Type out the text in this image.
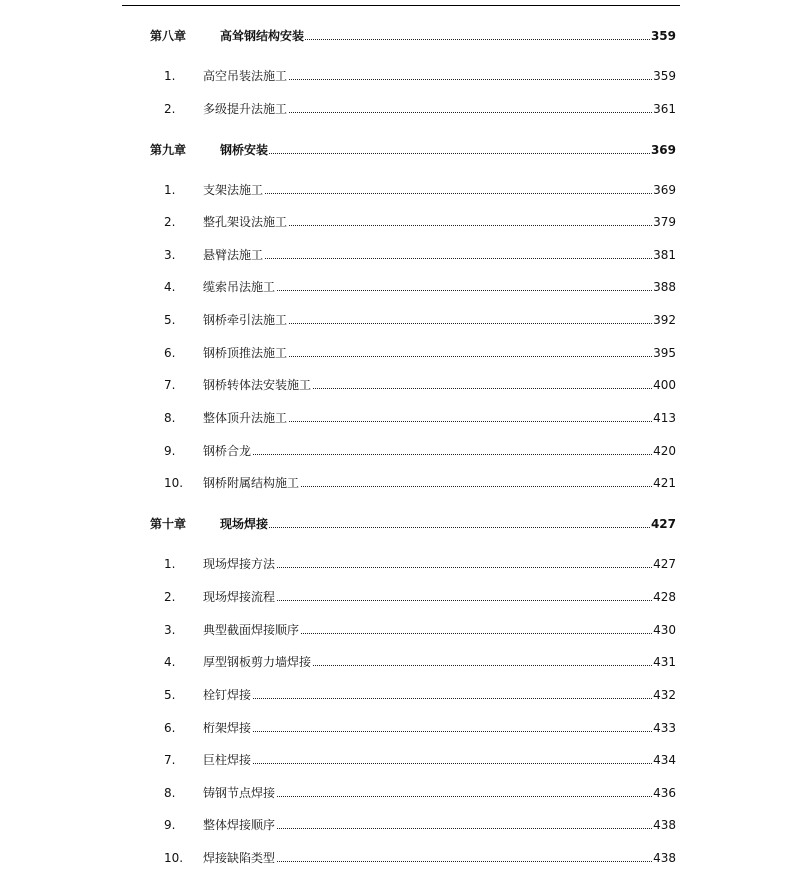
第八章	高耸钢结构安装	359
1.	高空吊装法施工	359
2.	多级提升法施工	361
第九章	钢桥安装	369
1.	支架法施工	369
2.	整孔架设法施工	379
3.	悬臂法施工	381
4.	缆索吊法施工	388
5.	钢桥牵引法施工	392
6.	钢桥顶推法施工	395
7.	钢桥转体法安装施工	400
8.	整体顶升法施工	413
9.	钢桥合龙	420
10.	钢桥附属结构施工	421
第十章	现场焊接	427
1.	现场焊接方法	427
2.	现场焊接流程	428
3.	典型截面焊接顺序	430
4.	厚型钢板剪力墙焊接	431
5.	栓钉焊接	432
6.	桁架焊接	433
7.	巨柱焊接	434
8.	铸钢节点焊接	436
9.	整体焊接顺序	438
10.	焊接缺陷类型	438
